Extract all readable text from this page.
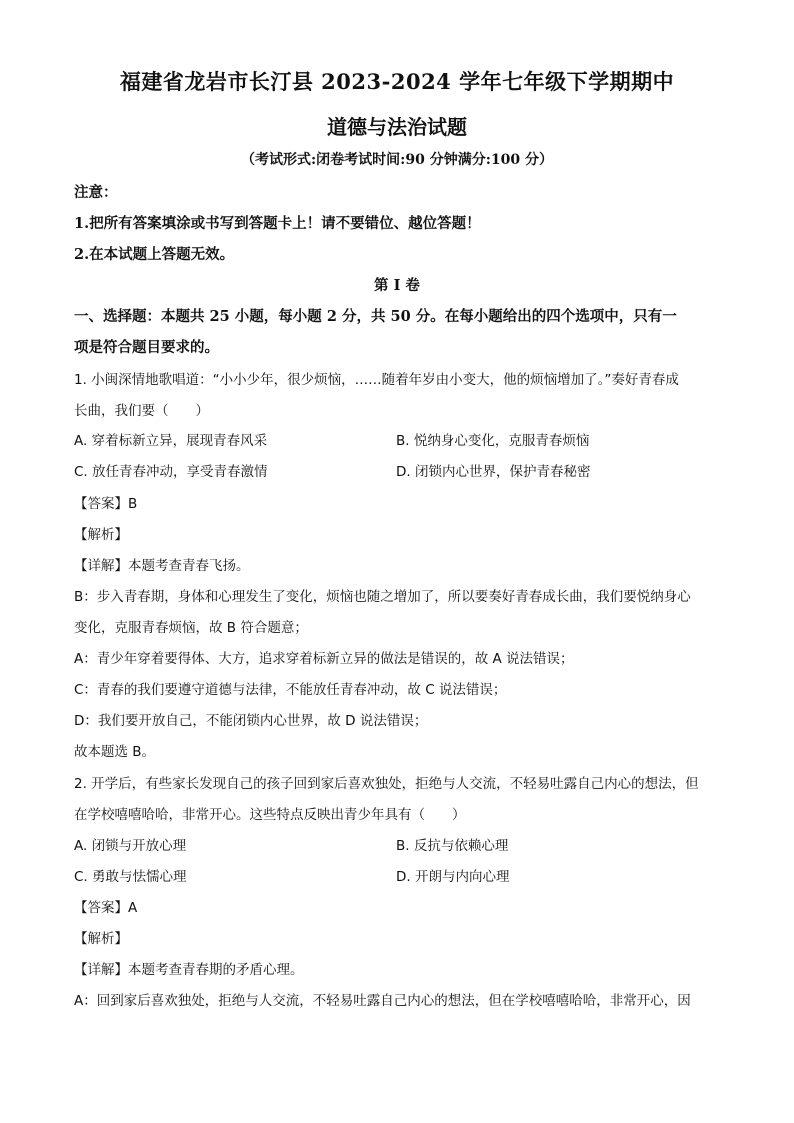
福建省龙岩市长汀县 2023-2024 学年七年级下学期期中
道德与法治试题
（考试形式:闭卷考试时间:90 分钟满分:100 分）
注意：
1.把所有答案填涂或书写到答题卡上！请不要错位、越位答题！
2.在本试题上答题无效。
第 I 卷
一、选择题：本题共 25 小题，每小题 2 分，共 50 分。在每小题给出的四个选项中，只有一
项是符合题目要求的。
1. 小闽深情地歌唱道：“小小少年，很少烦恼，……随着年岁由小变大，他的烦恼增加了。”奏好青春成
长曲，我们要（　　）
A. 穿着标新立异，展现青春风采	B. 悦纳身心变化，克服青春烦恼
C. 放任青春冲动，享受青春激情	D. 闭锁内心世界，保护青春秘密
【答案】B
【解析】
【详解】本题考查青春飞扬。
B：步入青春期，身体和心理发生了变化，烦恼也随之增加了，所以要奏好青春成长曲，我们要悦纳身心
变化，克服青春烦恼，故 B 符合题意；
A：青少年穿着要得体、大方，追求穿着标新立异的做法是错误的，故 A 说法错误；
C：青春的我们要遵守道德与法律，不能放任青春冲动，故 C 说法错误；
D：我们要开放自己，不能闭锁内心世界，故 D 说法错误；
故本题选 B。
2. 开学后，有些家长发现自己的孩子回到家后喜欢独处，拒绝与人交流，不轻易吐露自己内心的想法，但
在学校嘻嘻哈哈，非常开心。这些特点反映出青少年具有（　　）
A. 闭锁与开放心理	B. 反抗与依赖心理
C. 勇敢与怯懦心理	D. 开朗与内向心理
【答案】A
【解析】
【详解】本题考查青春期的矛盾心理。
A：回到家后喜欢独处，拒绝与人交流，不轻易吐露自己内心的想法，但在学校嘻嘻哈哈，非常开心，因
